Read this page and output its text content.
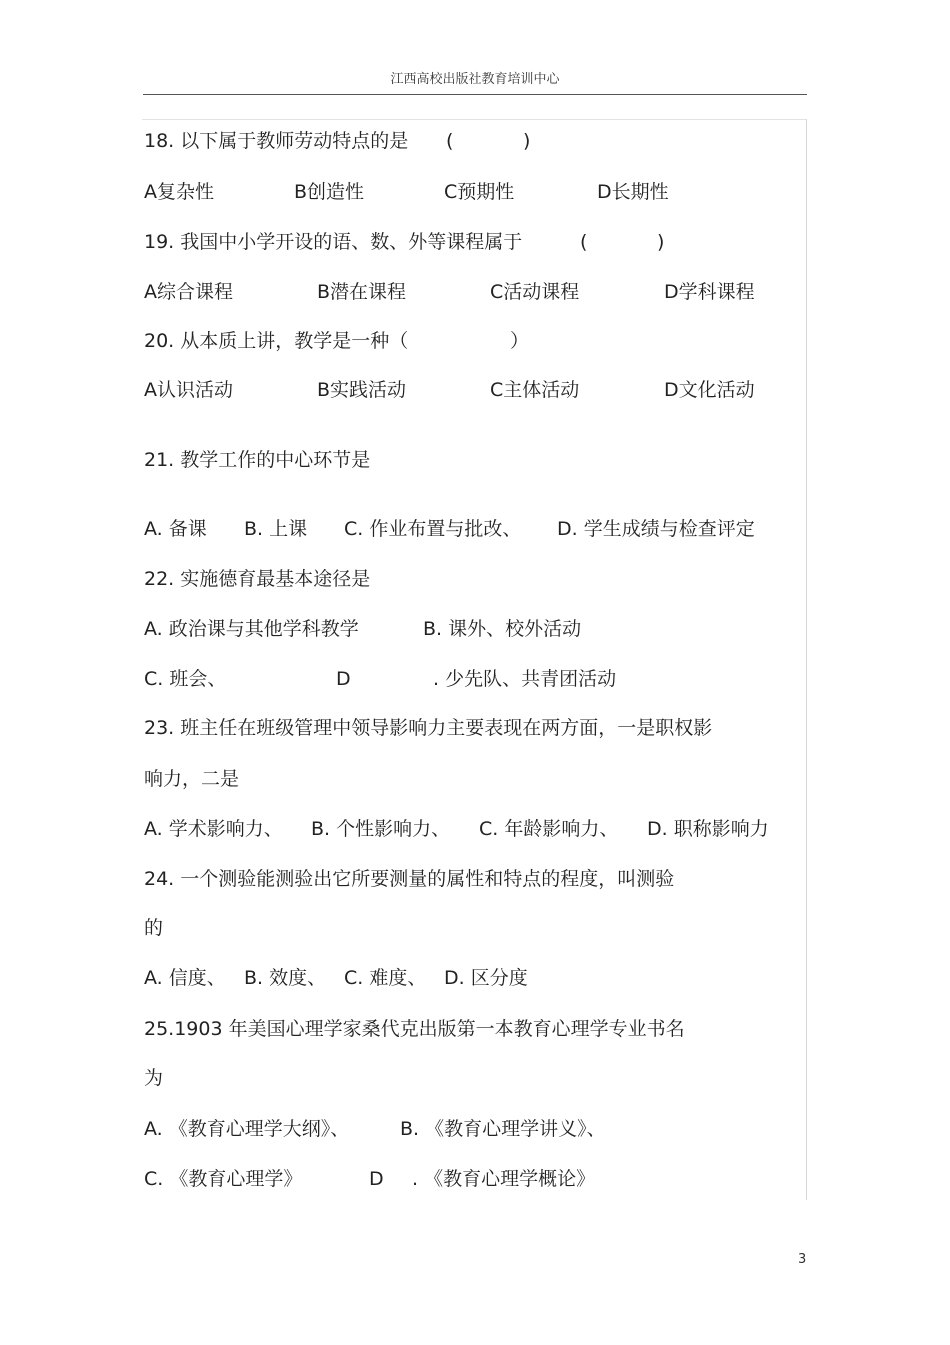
江西高校出版社教育培训中心
18. 以下属于教师劳动特点的是 (	)
A复杂性	B创造性	C预期性	D长期性
19. 我国中小学开设的语、数、外等课程属于	(	)
A综合课程	B潜在课程	C活动课程	D学科课程
20. 从本质上讲，教学是一种（	）
A认识活动	B实践活动	C主体活动	D文化活动
21. 教学工作的中心环节是
A. 备课 B. 上课 C. 作业布置与批改、 D. 学生成绩与检查评定
22. 实施德育最基本途径是
A. 政治课与其他学科教学	B. 课外、校外活动
C. 班会、	D	. 少先队、共青团活动
23. 班主任在班级管理中领导影响力主要表现在两方面，一是职权影
响力，二是
A. 学术影响力、 B. 个性影响力、 C. 年龄影响力、 D. 职称影响力
24. 一个测验能测验出它所要测量的属性和特点的程度，叫测验
的
A. 信度、 B. 效度、 C. 难度、 D. 区分度
25.1903 年美国心理学家桑代克出版第一本教育心理学专业书名
为
A. 《教育心理学大纲》、	B. 《教育心理学讲义》、
C. 《教育心理学》	D . 《教育心理学概论》
3
